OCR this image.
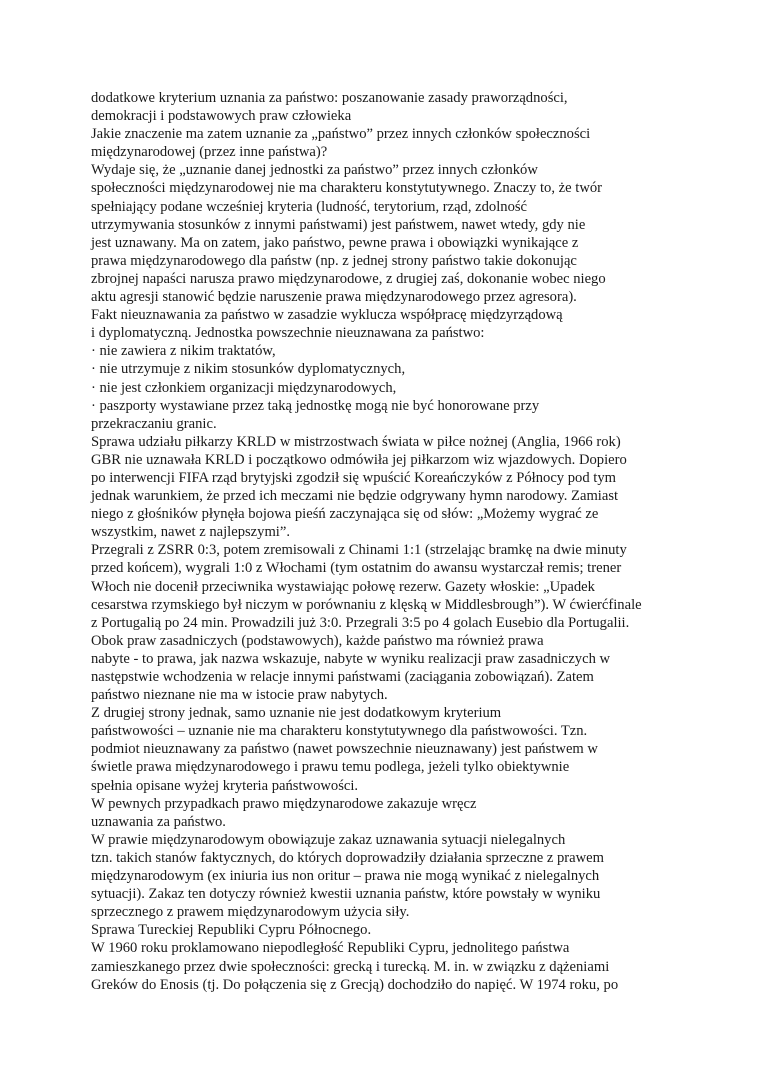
dodatkowe kryterium uznania za państwo: poszanowanie zasady praworządności,
demokracji i podstawowych praw człowieka
Jakie znaczenie ma zatem uznanie za „państwo” przez innych członków społeczności
międzynarodowej (przez inne państwa)?
Wydaje się, że „uznanie danej jednostki za państwo” przez innych członków
społeczności międzynarodowej nie ma charakteru konstytutywnego. Znaczy to, że twór
spełniający podane wcześniej kryteria (ludność, terytorium, rząd, zdolność
utrzymywania stosunków z innymi państwami) jest państwem, nawet wtedy, gdy nie
jest uznawany. Ma on zatem, jako państwo, pewne prawa i obowiązki wynikające z
prawa międzynarodowego dla państw (np. z jednej strony państwo takie dokonując
zbrojnej napaści narusza prawo międzynarodowe, z drugiej zaś, dokonanie wobec niego
aktu agresji stanowić będzie naruszenie prawa międzynarodowego przez agresora).
Fakt nieuznawania za państwo w zasadzie wyklucza współpracę międzyrządową
i dyplomatyczną. Jednostka powszechnie nieuznawana za państwo:
· nie zawiera z nikim traktatów,
· nie utrzymuje z nikim stosunków dyplomatycznych,
· nie jest członkiem organizacji międzynarodowych,
· paszporty wystawiane przez taką jednostkę mogą nie być honorowane przy
przekraczaniu granic.
Sprawa udziału piłkarzy KRLD w mistrzostwach świata w piłce nożnej (Anglia, 1966 rok)
GBR nie uznawała KRLD i początkowo odmówiła jej piłkarzom wiz wjazdowych. Dopiero
po interwencji FIFA rząd brytyjski zgodził się wpuścić Koreańczyków z Północy pod tym
jednak warunkiem, że przed ich meczami nie będzie odgrywany hymn narodowy. Zamiast
niego z głośników płynęła bojowa pieśń zaczynająca się od słów: „Możemy wygrać ze
wszystkim, nawet z najlepszymi”.
Przegrali z ZSRR 0:3, potem zremisowali z Chinami 1:1 (strzelając bramkę na dwie minuty
przed końcem), wygrali 1:0 z Włochami (tym ostatnim do awansu wystarczał remis; trener
Włoch nie docenił przeciwnika wystawiając połowę rezerw. Gazety włoskie: „Upadek
cesarstwa rzymskiego był niczym w porównaniu z klęską w Middlesbrough”). W ćwierćfinale
z Portugalią po 24 min. Prowadzili już 3:0. Przegrali 3:5 po 4 golach Eusebio dla Portugalii.
Obok praw zasadniczych (podstawowych), każde państwo ma również prawa
nabyte - to prawa, jak nazwa wskazuje, nabyte w wyniku realizacji praw zasadniczych w
następstwie wchodzenia w relacje innymi państwami (zaciągania zobowiązań). Zatem
państwo nieznane nie ma w istocie praw nabytych.
Z drugiej strony jednak, samo uznanie nie jest dodatkowym kryterium
państwowości – uznanie nie ma charakteru konstytutywnego dla państwowości. Tzn.
podmiot nieuznawany za państwo (nawet powszechnie nieuznawany) jest państwem w
świetle prawa międzynarodowego i prawu temu podlega, jeżeli tylko obiektywnie
spełnia opisane wyżej kryteria państwowości.
W pewnych przypadkach prawo międzynarodowe zakazuje wręcz
uznawania za państwo.
W prawie międzynarodowym obowiązuje zakaz uznawania sytuacji nielegalnych
tzn. takich stanów faktycznych, do których doprowadziły działania sprzeczne z prawem
międzynarodowym (ex iniuria ius non oritur – prawa nie mogą wynikać z nielegalnych
sytuacji). Zakaz ten dotyczy również kwestii uznania państw, które powstały w wyniku
sprzecznego z prawem międzynarodowym użycia siły.
Sprawa Tureckiej Republiki Cypru Północnego.
W 1960 roku proklamowano niepodległość Republiki Cypru, jednolitego państwa
zamieszkanego przez dwie społeczności: grecką i turecką. M. in. w związku z dążeniami
Greków do Enosis (tj. Do połączenia się z Grecją) dochodziło do napięć. W 1974 roku, po
